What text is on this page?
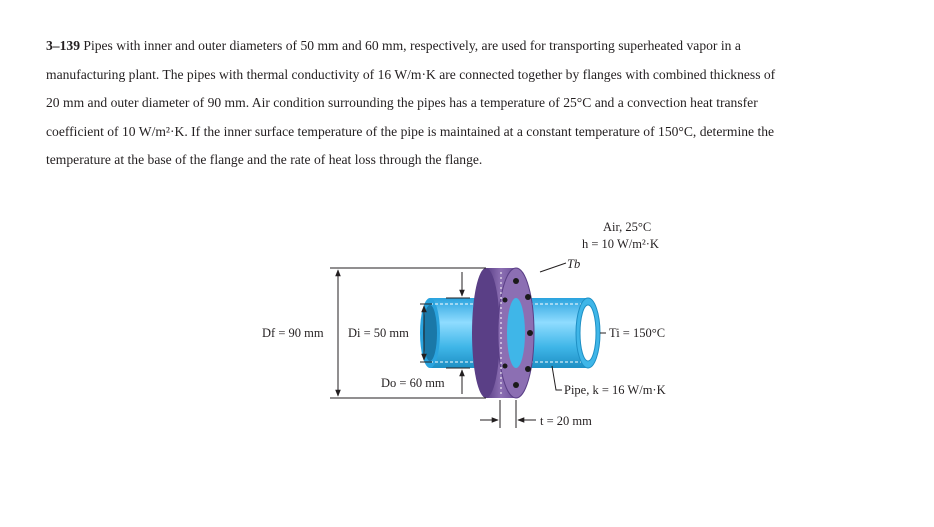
3–139 Pipes with inner and outer diameters of 50 mm and 60 mm, respectively, are used for transporting superheated vapor in a
manufacturing plant. The pipes with thermal conductivity of 16 W/m·K are connected together by flanges with combined thickness of
20 mm and outer diameter of 90 mm. Air condition surrounding the pipes has a temperature of 25°C and a convection heat transfer
coefficient of 10 W/m²·K. If the inner surface temperature of the pipe is maintained at a constant temperature of 150°C, determine the
temperature at the base of the flange and the rate of heat loss through the flange.
Air, 25°C
h = 10 W/m²·K
Tb
Df = 90 mm Di = 50 mm
Do = 60 mm
Ti = 150°C
Pipe, k = 16 W/m·K
t = 20 mm
